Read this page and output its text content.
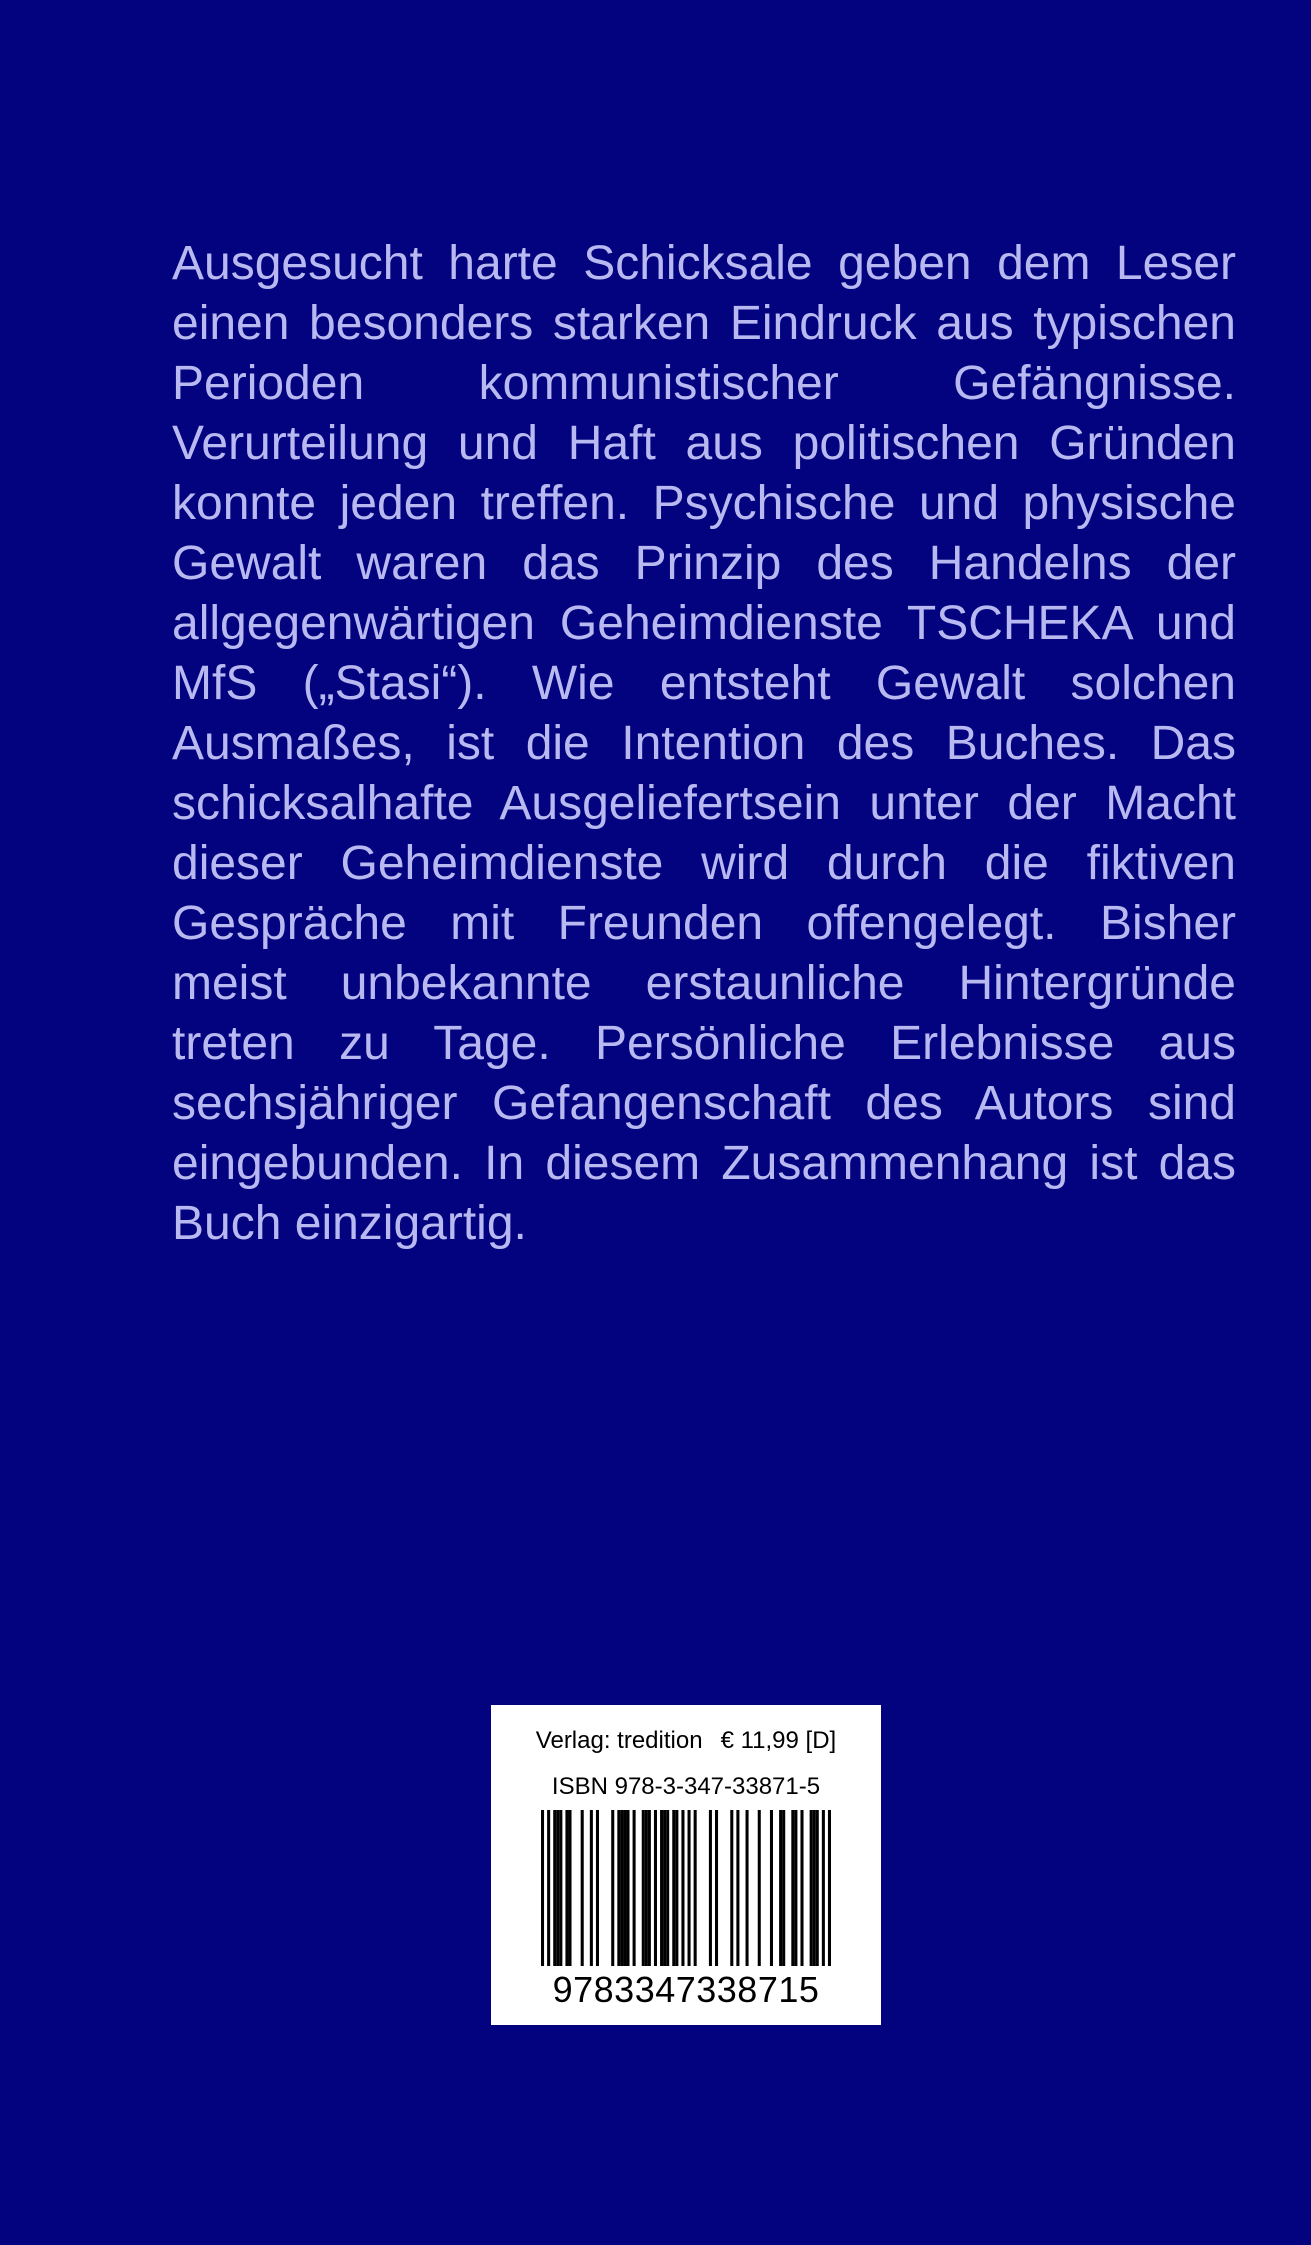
Ausgesucht harte Schicksale geben dem Leser einen besonders starken Eindruck aus typischen Perioden kommunistischer Gefängnisse. Verurteilung und Haft aus politischen Gründen konnte jeden treffen. Psychische und physische Gewalt waren das Prinzip des Handelns der allgegenwärtigen Geheimdienste TSCHEKA und MfS („Stasi“). Wie entsteht Gewalt solchen Ausmaßes, ist die Intention des Buches. Das schicksalhafte Ausgeliefertsein unter der Macht dieser Geheimdienste wird durch die fiktiven Gespräche mit Freunden offengelegt. Bisher meist unbekannte erstaunliche Hintergründe treten zu Tage. Persönliche Erlebnisse aus sechsjähriger Gefangenschaft des Autors sind eingebunden. In diesem Zusammenhang ist das Buch einzigartig.

Verlag: tredition € 11,99 [D]
ISBN 978-3-347-33871-5
9783347338715
